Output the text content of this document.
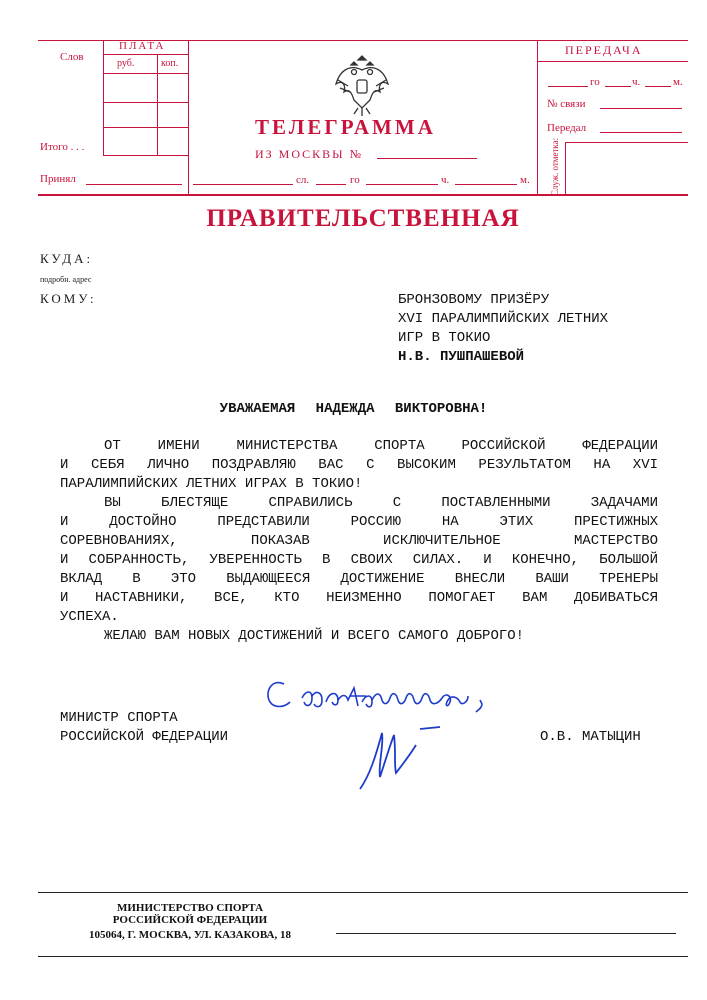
Слов
ПЛАТА
руб.	коп.
Итого . . .
Принял
ТЕЛЕГРАММА
ИЗ МОСКВЫ №
сл.	го	ч.	м.
ПЕРЕДАЧА
го	ч.	м.
№ связи
Передал
Служ. отметка:
ПРАВИТЕЛЬСТВЕННАЯ
КУДА:
подробн. адрес
КОМУ:	БРОНЗОВОМУ ПРИЗЁРУ
XVI ПАРАЛИМПИЙСКИХ ЛЕТНИХ
ИГР В ТОКИО
Н.В. ПУШПАШЕВОЙ
УВАЖАЕМАЯ НАДЕЖДА ВИКТОРОВНА!
ОТ ИМЕНИ МИНИСТЕРСТВА СПОРТА РОССИЙСКОЙ ФЕДЕРАЦИИ
И СЕБЯ ЛИЧНО ПОЗДРАВЛЯЮ ВАС С ВЫСОКИМ РЕЗУЛЬТАТОМ НА XVI
ПАРАЛИМПИЙСКИХ ЛЕТНИХ ИГРАХ В ТОКИО!
ВЫ БЛЕСТЯЩЕ СПРАВИЛИСЬ С ПОСТАВЛЕННЫМИ ЗАДАЧАМИ
И ДОСТОЙНО ПРЕДСТАВИЛИ РОССИЮ НА ЭТИХ ПРЕСТИЖНЫХ
СОРЕВНОВАНИЯХ, ПОКАЗАВ ИСКЛЮЧИТЕЛЬНОЕ МАСТЕРСТВО
И СОБРАННОСТЬ, УВЕРЕННОСТЬ В СВОИХ СИЛАХ. И КОНЕЧНО, БОЛЬШОЙ
ВКЛАД В ЭТО ВЫДАЮЩЕЕСЯ ДОСТИЖЕНИЕ ВНЕСЛИ ВАШИ ТРЕНЕРЫ
И НАСТАВНИКИ, ВСЕ, КТО НЕИЗМЕННО ПОМОГАЕТ ВАМ ДОБИВАТЬСЯ
УСПЕХА.
ЖЕЛАЮ ВАМ НОВЫХ ДОСТИЖЕНИЙ И ВСЕГО САМОГО ДОБРОГО!
МИНИСТР СПОРТА
РОССИЙСКОЙ ФЕДЕРАЦИИ	О.В. МАТЫЦИН
МИНИСТЕРСТВО СПОРТА
РОССИЙСКОЙ ФЕДЕРАЦИИ
105064, Г. МОСКВА, УЛ. КАЗАКОВА, 18
